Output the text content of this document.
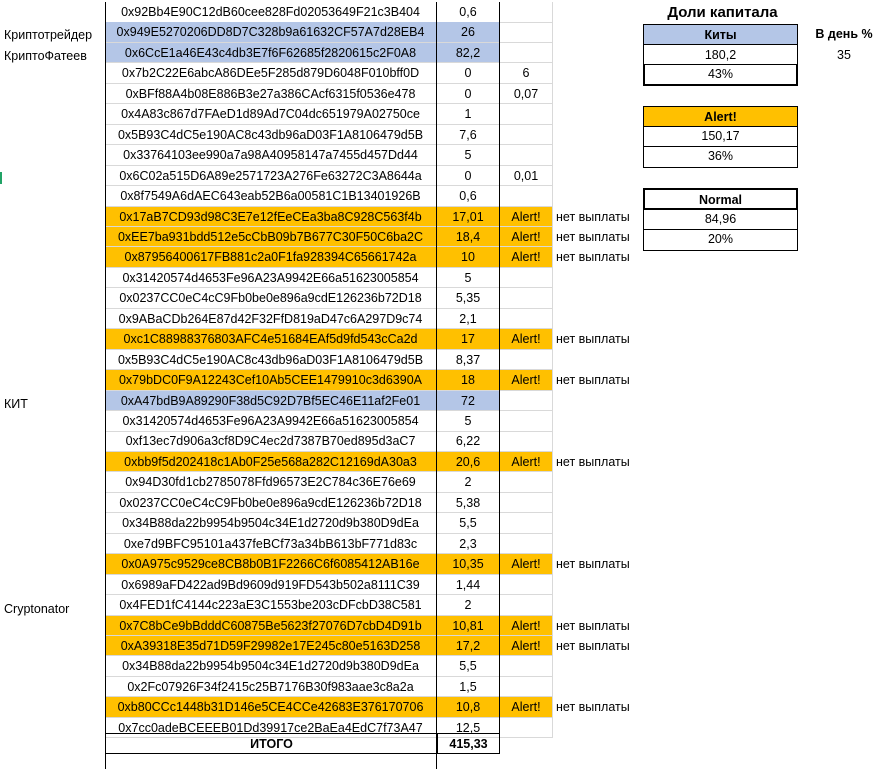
0x92Bb4E90C12dB60cee828Fd02053649F21c3B404	0,6
0x949E5270206DD8D7C328b9a61632CF57A7d28EB4	26
0x6CcE1a46E43c4db3E7f6F62685f2820615c2F0A8	82,2
0x7b2C22E6abcA86DEe5F285d879D6048F010bff0D	0	6
0xBFf88A4b08E886B3e27a386CAcf6315f0536e478	0	0,07
0x4A83c867d7FAeD1d89Ad7C04dc651979A02750ce	1
0x5B93C4dC5e190AC8c43db96aD03F1A8106479d5B	7,6
0x33764103ee990a7a98A40958147a7455d457Dd44	5
0x6C02a515D6A89e2571723A276Fe63272C3A8644a	0	0,01
0x8f7549A6dAEC643eab52B6a00581C1B13401926B	0,6
0x17aB7CD93d98C3E7e12fEeCEa3ba8C928C563f4b	17,01	Alert!	нет выплаты
0xEE7ba931bdd512e5cCbB09b7B677C30F50C6ba2C	18,4	Alert!	нет выплаты
0x87956400617FB881c2a0F1fa928394C65661742a	10	Alert!	нет выплаты
0x31420574d4653Fe96A23A9942E66a51623005854	5
0x0237CC0eC4cC9Fb0be0e896a9cdE126236b72D18	5,35
0x9ABaCDb264E87d42F32FfD819aD47c6A297D9c74	2,1
0xc1C88988376803AFC4e51684EAf5d9fd543cCa2d	17	Alert!	нет выплаты
0x5B93C4dC5e190AC8c43db96aD03F1A8106479d5B	8,37
0x79bDC0F9A12243Cef10Ab5CEE1479910c3d6390A	18	Alert!	нет выплаты
0xA47bdB9A89290F38d5C92D7Bf5EC46E11af2Fe01	72
0x31420574d4653Fe96A23A9942E66a51623005854	5
0xf13ec7d906a3cf8D9C4ec2d7387B70ed895d3aC7	6,22
0xbb9f5d202418c1Ab0F25e568a282C12169dA30a3	20,6	Alert!	нет выплаты
0x94D30fd1cb2785078Ffd96573E2C784c36E76e69	2
0x0237CC0eC4cC9Fb0be0e896a9cdE126236b72D18	5,38
0x34B88da22b9954b9504c34E1d2720d9b380D9dEa	5,5
0xe7d9BFC95101a437feBCf73a34bB613bF771d83c	2,3
0x0A975c9529ce8CB8b0B1F2266C6f6085412AB16e	10,35	Alert!	нет выплаты
0x6989aFD422ad9Bd9609d919FD543b502a8111C39	1,44
0x4FED1fC4144c223aE3C1553be203cDFcbD38C581	2
0x7C8bCe9bBdddC60875Be5623f27076D7cbD4D91b	10,81	Alert!	нет выплаты
0xA39318E35d71D59F29982e17E245c80e5163D258	17,2	Alert!	нет выплаты
0x34B88da22b9954b9504c34E1d2720d9b380D9dEa	5,5
0x2Fc07926F34f2415c25B7176B30f983aae3c8a2a	1,5
0xb80CCc1448b31D146e5CE4CCe42683E376170706	10,8	Alert!	нет выплаты
0x7cc0adeBCEEEB01Dd39917ce2BaEa4EdC7f73A47	12,5
Криптотрейдер
КриптоФатеев
КИТ
Cryptonator
ИТОГО	415,33
Доли капитала
В день %
35
Киты
180,2
43%
Alert!
150,17
36%
Normal
84,96
20%
